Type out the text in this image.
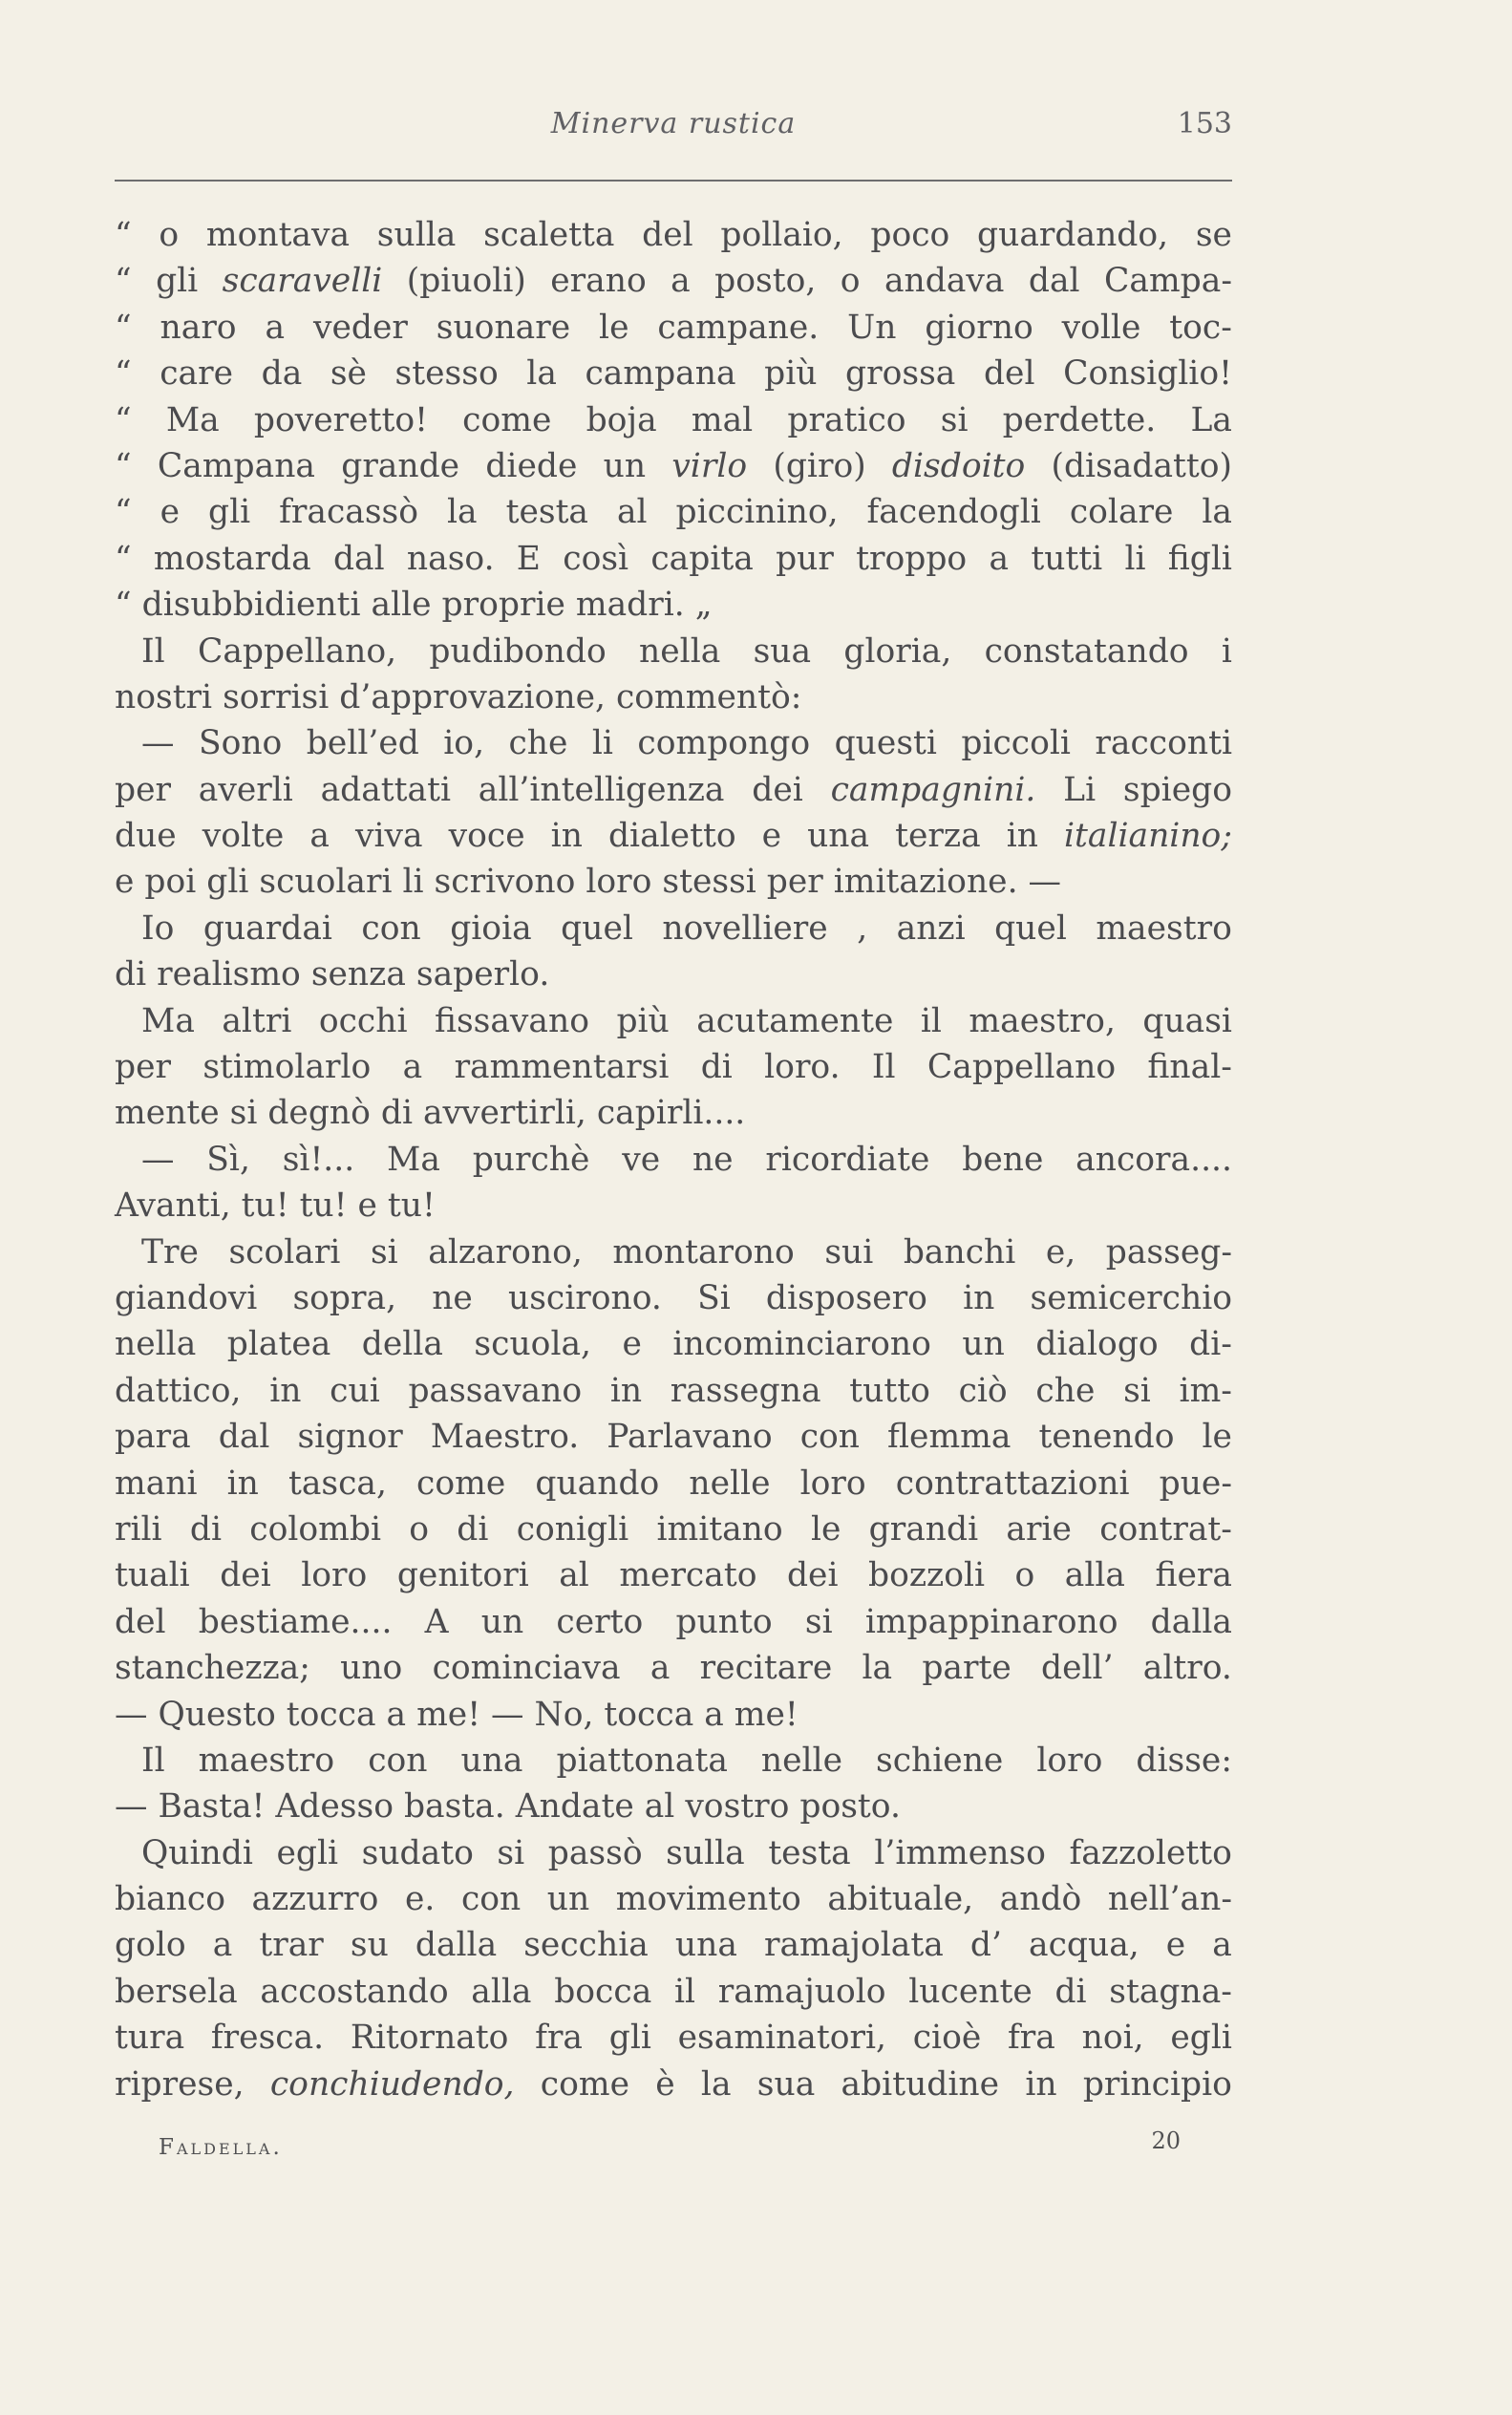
Minerva rustica	153
“ o montava sulla scaletta del pollaio, poco guardando, se
“ gli scaravelli (piuoli) erano a posto, o andava dal Campa-
“ naro a veder suonare le campane. Un giorno volle toc-
“ care da sè stesso la campana più grossa del Consiglio!
“ Ma poveretto! come boja mal pratico si perdette. La
“ Campana grande diede un virlo (giro) disdoito (disadatto)
“ e gli fracassò la testa al piccinino, facendogli colare la
“ mostarda dal naso. E così capita pur troppo a tutti li figli
“
disubbidienti
alle
proprie
madri.
„
Il Cappellano, pudibondo nella sua gloria, constatando i
nostri
sorrisi
d’approvazione,
commentò:
— Sono bell’ed io, che li compongo questi piccoli racconti
per averli adattati all’intelligenza dei campagnini. Li spiego
due volte a viva voce in dialetto e una terza in italianino;
e
poi
gli
scuolari
li
scrivono
loro
stessi
per
imitazione.
—
Io guardai con gioia quel novelliere , anzi quel maestro
di
realismo
senza
saperlo.
Ma altri occhi fissavano più acutamente il maestro, quasi
per stimolarlo a rammentarsi di loro. Il Cappellano final-
mente
si
degnò
di
avvertirli,
capirli....
— Sì, sì!... Ma purchè ve ne ricordiate bene ancora....
Avanti,
tu!
tu!
e
tu!
Tre scolari si alzarono, montarono sui banchi e, passeg-
giandovi sopra, ne uscirono. Si disposero in semicerchio
nella platea della scuola, e incominciarono un dialogo di-
dattico, in cui passavano in rassegna tutto ciò che si im-
para dal signor Maestro. Parlavano con flemma tenendo le
mani in tasca, come quando nelle loro contrattazioni pue-
rili di colombi o di conigli imitano le grandi arie contrat-
tuali dei loro genitori al mercato dei bozzoli o alla fiera
del bestiame.... A un certo punto si impappinarono dalla
stanchezza; uno cominciava a recitare la parte dell’ altro.
—
Questo
tocca
a
me!
—
No,
tocca
a
me!
Il maestro con una piattonata nelle schiene loro disse:
—
Basta!
Adesso
basta.
Andate
al
vostro
posto.
Quindi egli sudato si passò sulla testa l’immenso fazzoletto
bianco azzurro e. con un movimento abituale, andò nell’an-
golo a trar su dalla secchia una ramajolata d’ acqua, e a
bersela accostando alla bocca il ramajuolo lucente di stagna-
tura fresca. Ritornato fra gli esaminatori, cioè fra noi, egli
riprese, conchiudendo, come è la sua abitudine in principio
Faldella.	20
